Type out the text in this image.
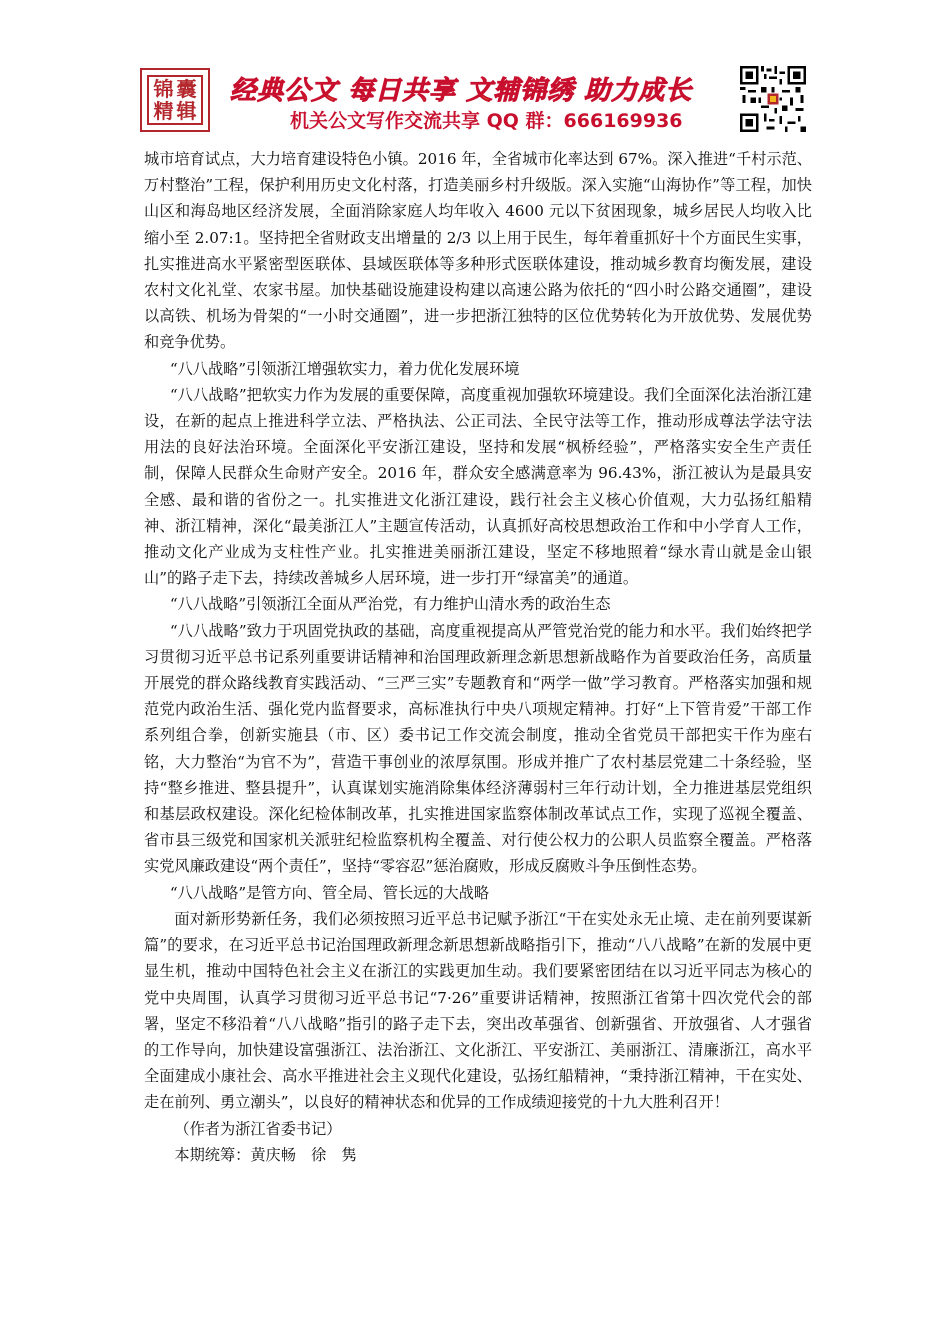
锦 囊
精 辑
经典公文 每日共享 文辅锦绣 助力成长
机关公文写作交流共享 QQ 群：666169936

城市培育试点，大力培育建设特色小镇。2016 年，全省城市化率达到 67%。深入推进“千村示范、万村整治”工程，保护利用历史文化村落，打造美丽乡村升级版。深入实施“山海协作”等工程，加快山区和海岛地区经济发展，全面消除家庭人均年收入 4600 元以下贫困现象，城乡居民人均收入比缩小至 2.07:1。坚持把全省财政支出增量的 2/3 以上用于民生，每年着重抓好十个方面民生实事，扎实推进高水平紧密型医联体、县域医联体等多种形式医联体建设，推动城乡教育均衡发展，建设农村文化礼堂、农家书屋。加快基础设施建设构建以高速公路为依托的“四小时公路交通圈”，建设以高铁、机场为骨架的“一小时交通圈”，进一步把浙江独特的区位优势转化为开放优势、发展优势和竞争优势。

“八八战略”引领浙江增强软实力，着力优化发展环境

“八八战略”把软实力作为发展的重要保障，高度重视加强软环境建设。我们全面深化法治浙江建设，在新的起点上推进科学立法、严格执法、公正司法、全民守法等工作，推动形成尊法学法守法用法的良好法治环境。全面深化平安浙江建设，坚持和发展“枫桥经验”，严格落实安全生产责任制，保障人民群众生命财产安全。2016 年，群众安全感满意率为 96.43%，浙江被认为是最具安全感、最和谐的省份之一。扎实推进文化浙江建设，践行社会主义核心价值观，大力弘扬红船精神、浙江精神，深化“最美浙江人”主题宣传活动，认真抓好高校思想政治工作和中小学育人工作，推动文化产业成为支柱性产业。扎实推进美丽浙江建设，坚定不移地照着“绿水青山就是金山银山”的路子走下去，持续改善城乡人居环境，进一步打开“绿富美”的通道。

“八八战略”引领浙江全面从严治党，有力维护山清水秀的政治生态

“八八战略”致力于巩固党执政的基础，高度重视提高从严管党治党的能力和水平。我们始终把学习贯彻习近平总书记系列重要讲话精神和治国理政新理念新思想新战略作为首要政治任务，高质量开展党的群众路线教育实践活动、“三严三实”专题教育和“两学一做”学习教育。严格落实加强和规范党内政治生活、强化党内监督要求，高标准执行中央八项规定精神。打好“上下管肯爱”干部工作系列组合拳，创新实施县（市、区）委书记工作交流会制度，推动全省党员干部把实干作为座右铭，大力整治“为官不为”，营造干事创业的浓厚氛围。形成并推广了农村基层党建二十条经验，坚持“整乡推进、整县提升”，认真谋划实施消除集体经济薄弱村三年行动计划，全力推进基层党组织和基层政权建设。深化纪检体制改革，扎实推进国家监察体制改革试点工作，实现了巡视全覆盖、省市县三级党和国家机关派驻纪检监察机构全覆盖、对行使公权力的公职人员监察全覆盖。严格落实党风廉政建设“两个责任”，坚持“零容忍”惩治腐败，形成反腐败斗争压倒性态势。

“八八战略”是管方向、管全局、管长远的大战略

面对新形势新任务，我们必须按照习近平总书记赋予浙江“干在实处永无止境、走在前列要谋新篇”的要求，在习近平总书记治国理政新理念新思想新战略指引下，推动“八八战略”在新的发展中更显生机，推动中国特色社会主义在浙江的实践更加生动。我们要紧密团结在以习近平同志为核心的党中央周围，认真学习贯彻习近平总书记“7·26”重要讲话精神，按照浙江省第十四次党代会的部署，坚定不移沿着“八八战略”指引的路子走下去，突出改革强省、创新强省、开放强省、人才强省的工作导向，加快建设富强浙江、法治浙江、文化浙江、平安浙江、美丽浙江、清廉浙江，高水平全面建成小康社会、高水平推进社会主义现代化建设，弘扬红船精神，“秉持浙江精神，干在实处、走在前列、勇立潮头”，以良好的精神状态和优异的工作成绩迎接党的十九大胜利召开！

（作者为浙江省委书记）

本期统筹：黄庆畅　徐　隽
